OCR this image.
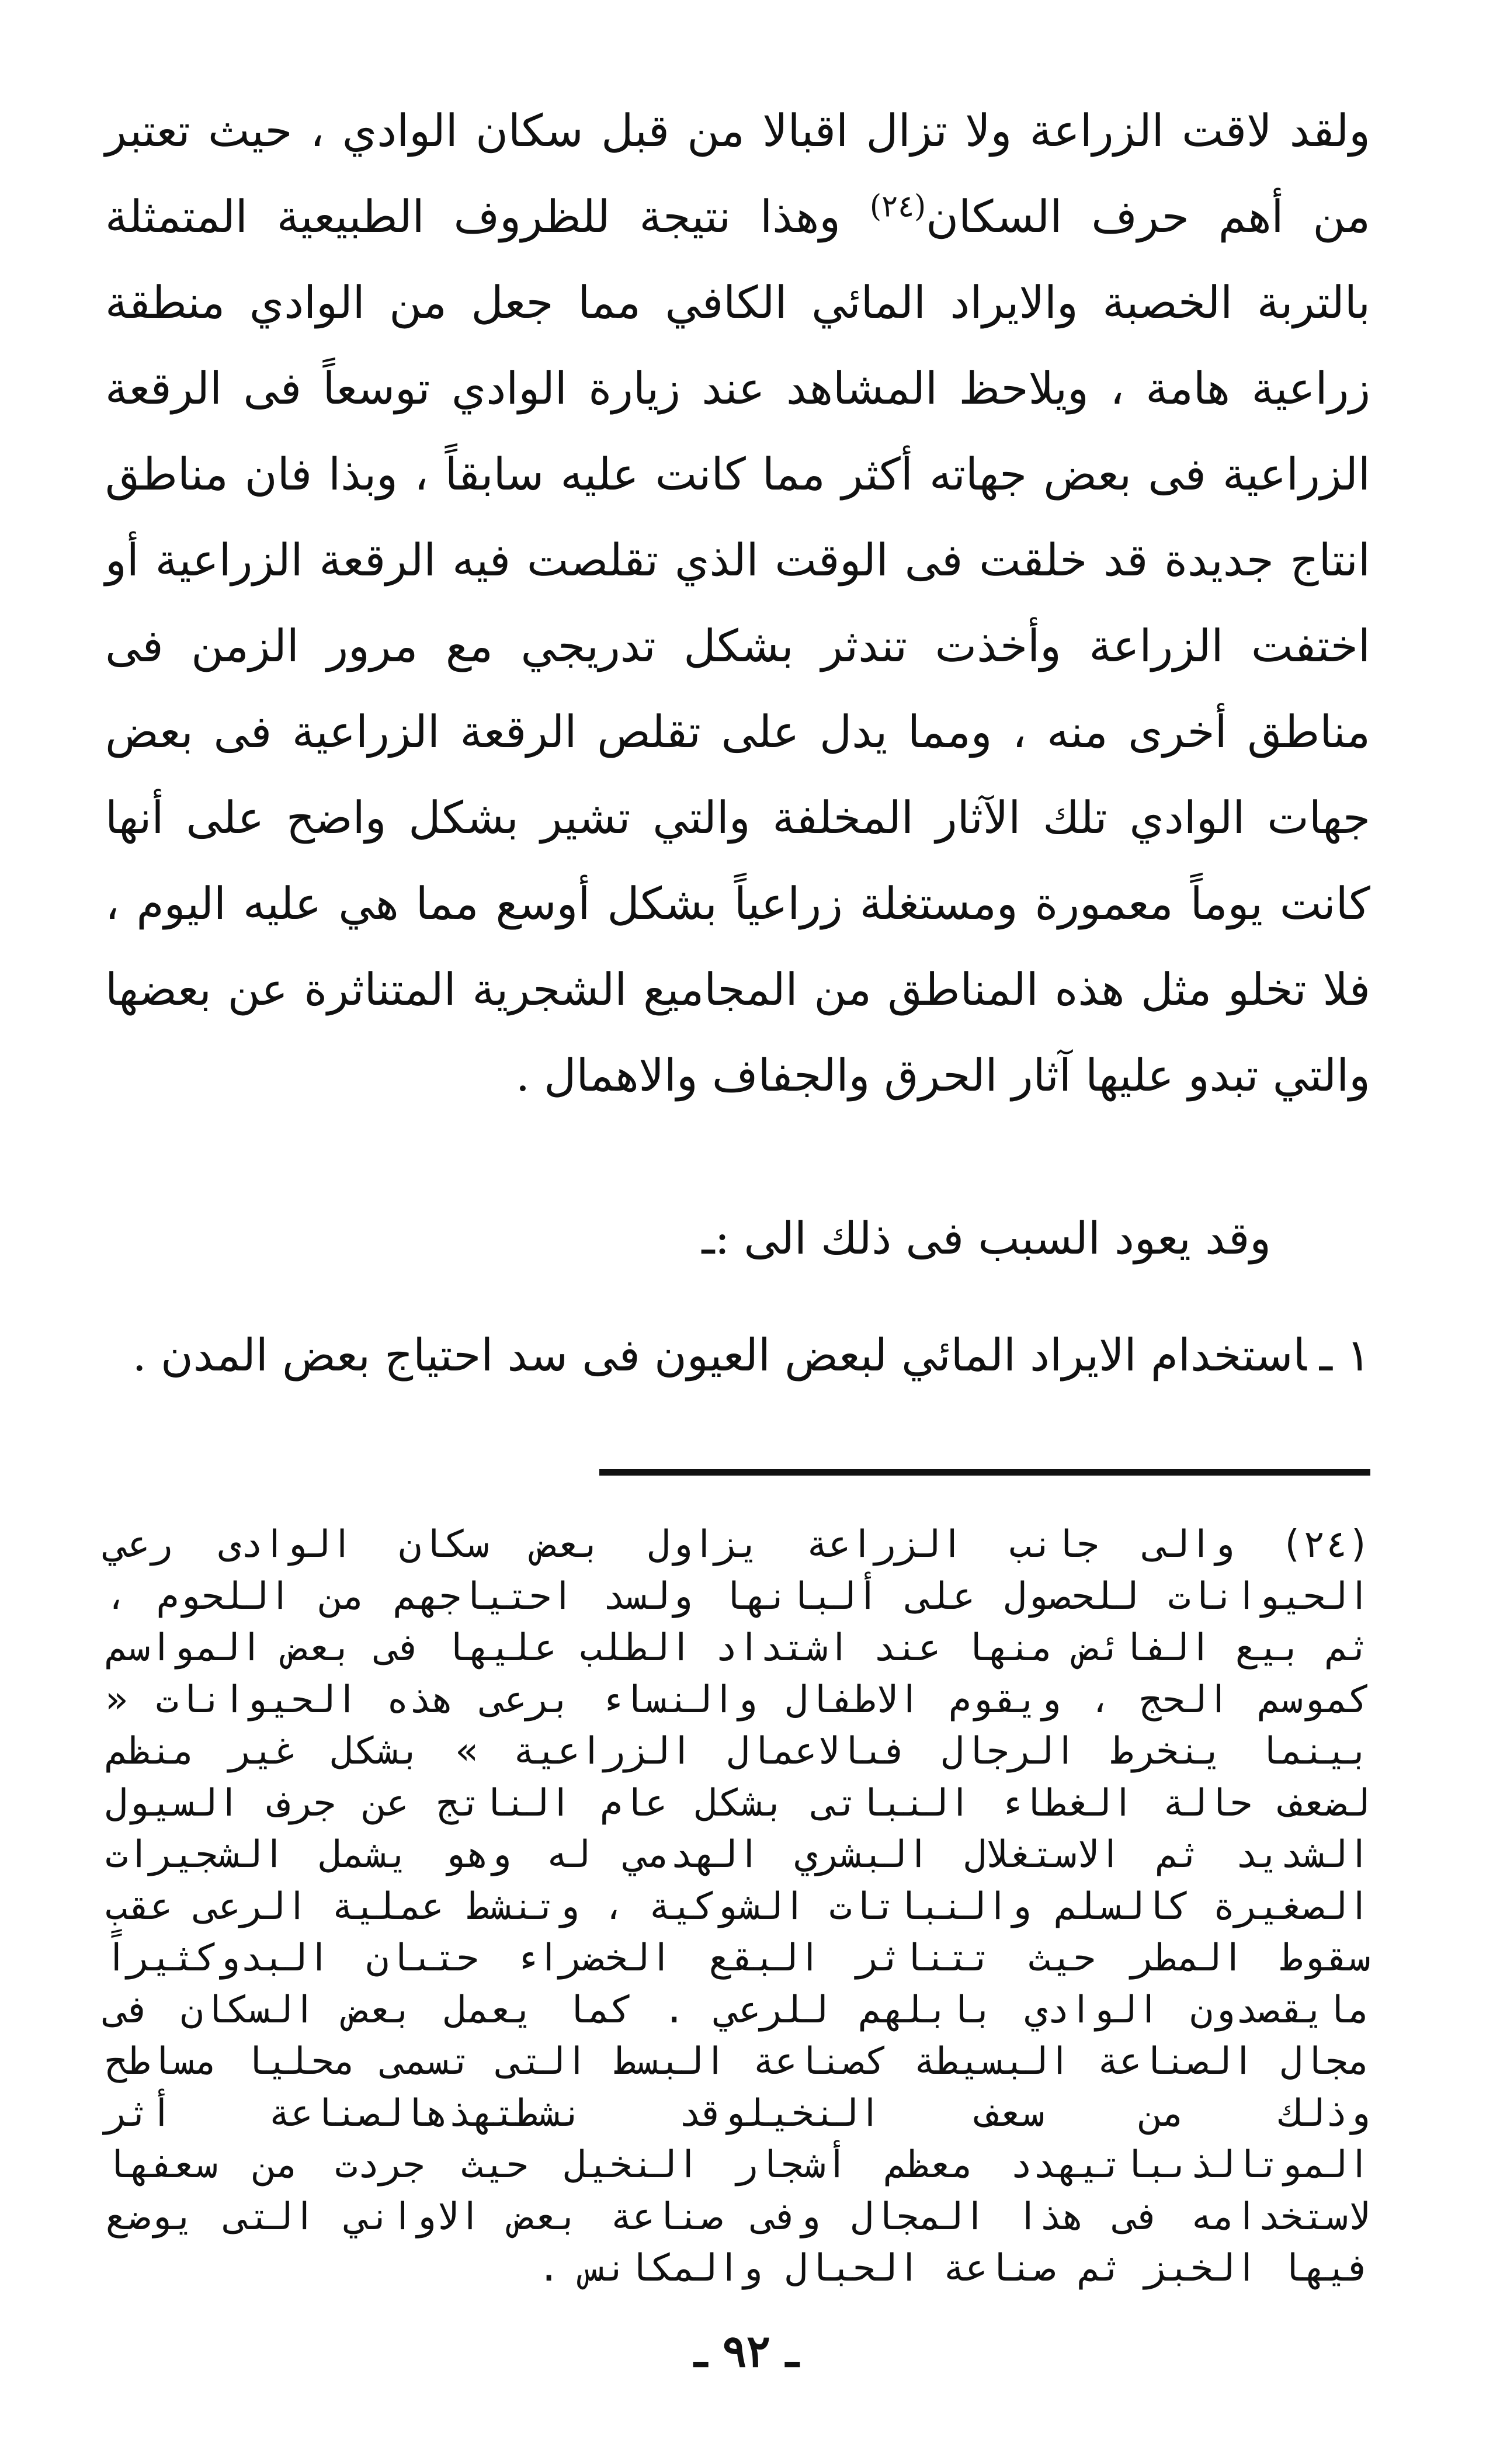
ولقد لاقت الزراعة ولا تزال اقبالا من قبل سكان الوادي ، حيث تعتبر من أهم حرف السكان$^{(٢٤)}$ وهذا نتيجة للظروف الطبيعية المتمثلة بالتربة الخصبة والايراد المائي الكافي مما جعل من الوادي منطقة زراعية هامة ، ويلاحظ المشاهد عند زيارة الوادي توسعاً فى الرقعة الزراعية فى بعض جهاته أكثر مما كانت عليه سابقاً ، وبذا فان مناطق انتاج جديدة قد خلقت فى الوقت الذي تقلصت فيه الرقعة الزراعية أو اختفت الزراعة وأخذت تندثر بشكل تدريجي مع مرور الزمن فى مناطق أخرى منه ، ومما يدل على تقلص الرقعة الزراعية فى بعض جهات الوادي تلك الآثار المخلفة والتي تشير بشكل واضح على أنها كانت يوماً معمورة ومستغلة زراعياً بشكل أوسع مما هي عليه اليوم ، فلا تخلو مثل هذه المناطق من المجاميع الشجرية المتناثرة عن بعضها والتي تبدو عليها آثار الحرق والجفاف والاهمال .

وقد يعود السبب فى ذلك الى :ـ

١ ـاستخدام الايراد المائي لبعض العيون فى سد احتياج بعض المدن .

(٢٤) والى جانب الزراعة يزاول بعض سكان الوادى رعي الحيوانات للحصول على ألبانها ولسد احتياجهم من اللحوم ، ثم بيع الفائض منها عند اشتداد الطلب عليها فى بعض المواسم كموسم الحج ، ويقوم الاطفال والنساء برعى هذه الحيوانات « بينما ينخرط الرجال فىالاعمال الزراعية » بشكل غير منظم لضعف حالة الغطاء النباتى بشكل عام الناتج عن جرف السيول الشديد ثم الاستغلال البشري الهدمي له وهو يشمل الشجيرات الصغيرة كالسلم والنباتات الشوكية ، وتنشط عملية الرعى عقب سقوط المطر حيث تتناثر البقع الخضراء حتىان البدوكثيراً مايقصدون الوادي بابلهم للرعي . كما يعمل بعض السكان فى مجال الصناعة البسيطة كصناعة البسط التى تسمى محليا مساطح وذلك من سعف النخيلوقد نشطتهذهالصناعة أثر الموتالذىباتيهدد معظم أشجار النخيل حيث جردت من سعفها لاستخدامه فى هذا المجال وفى صناعة بعض الاواني التى يوضع فيها الخبز ثم صناعة الحبال والمكانس .

ـ ٩٢ ـ
